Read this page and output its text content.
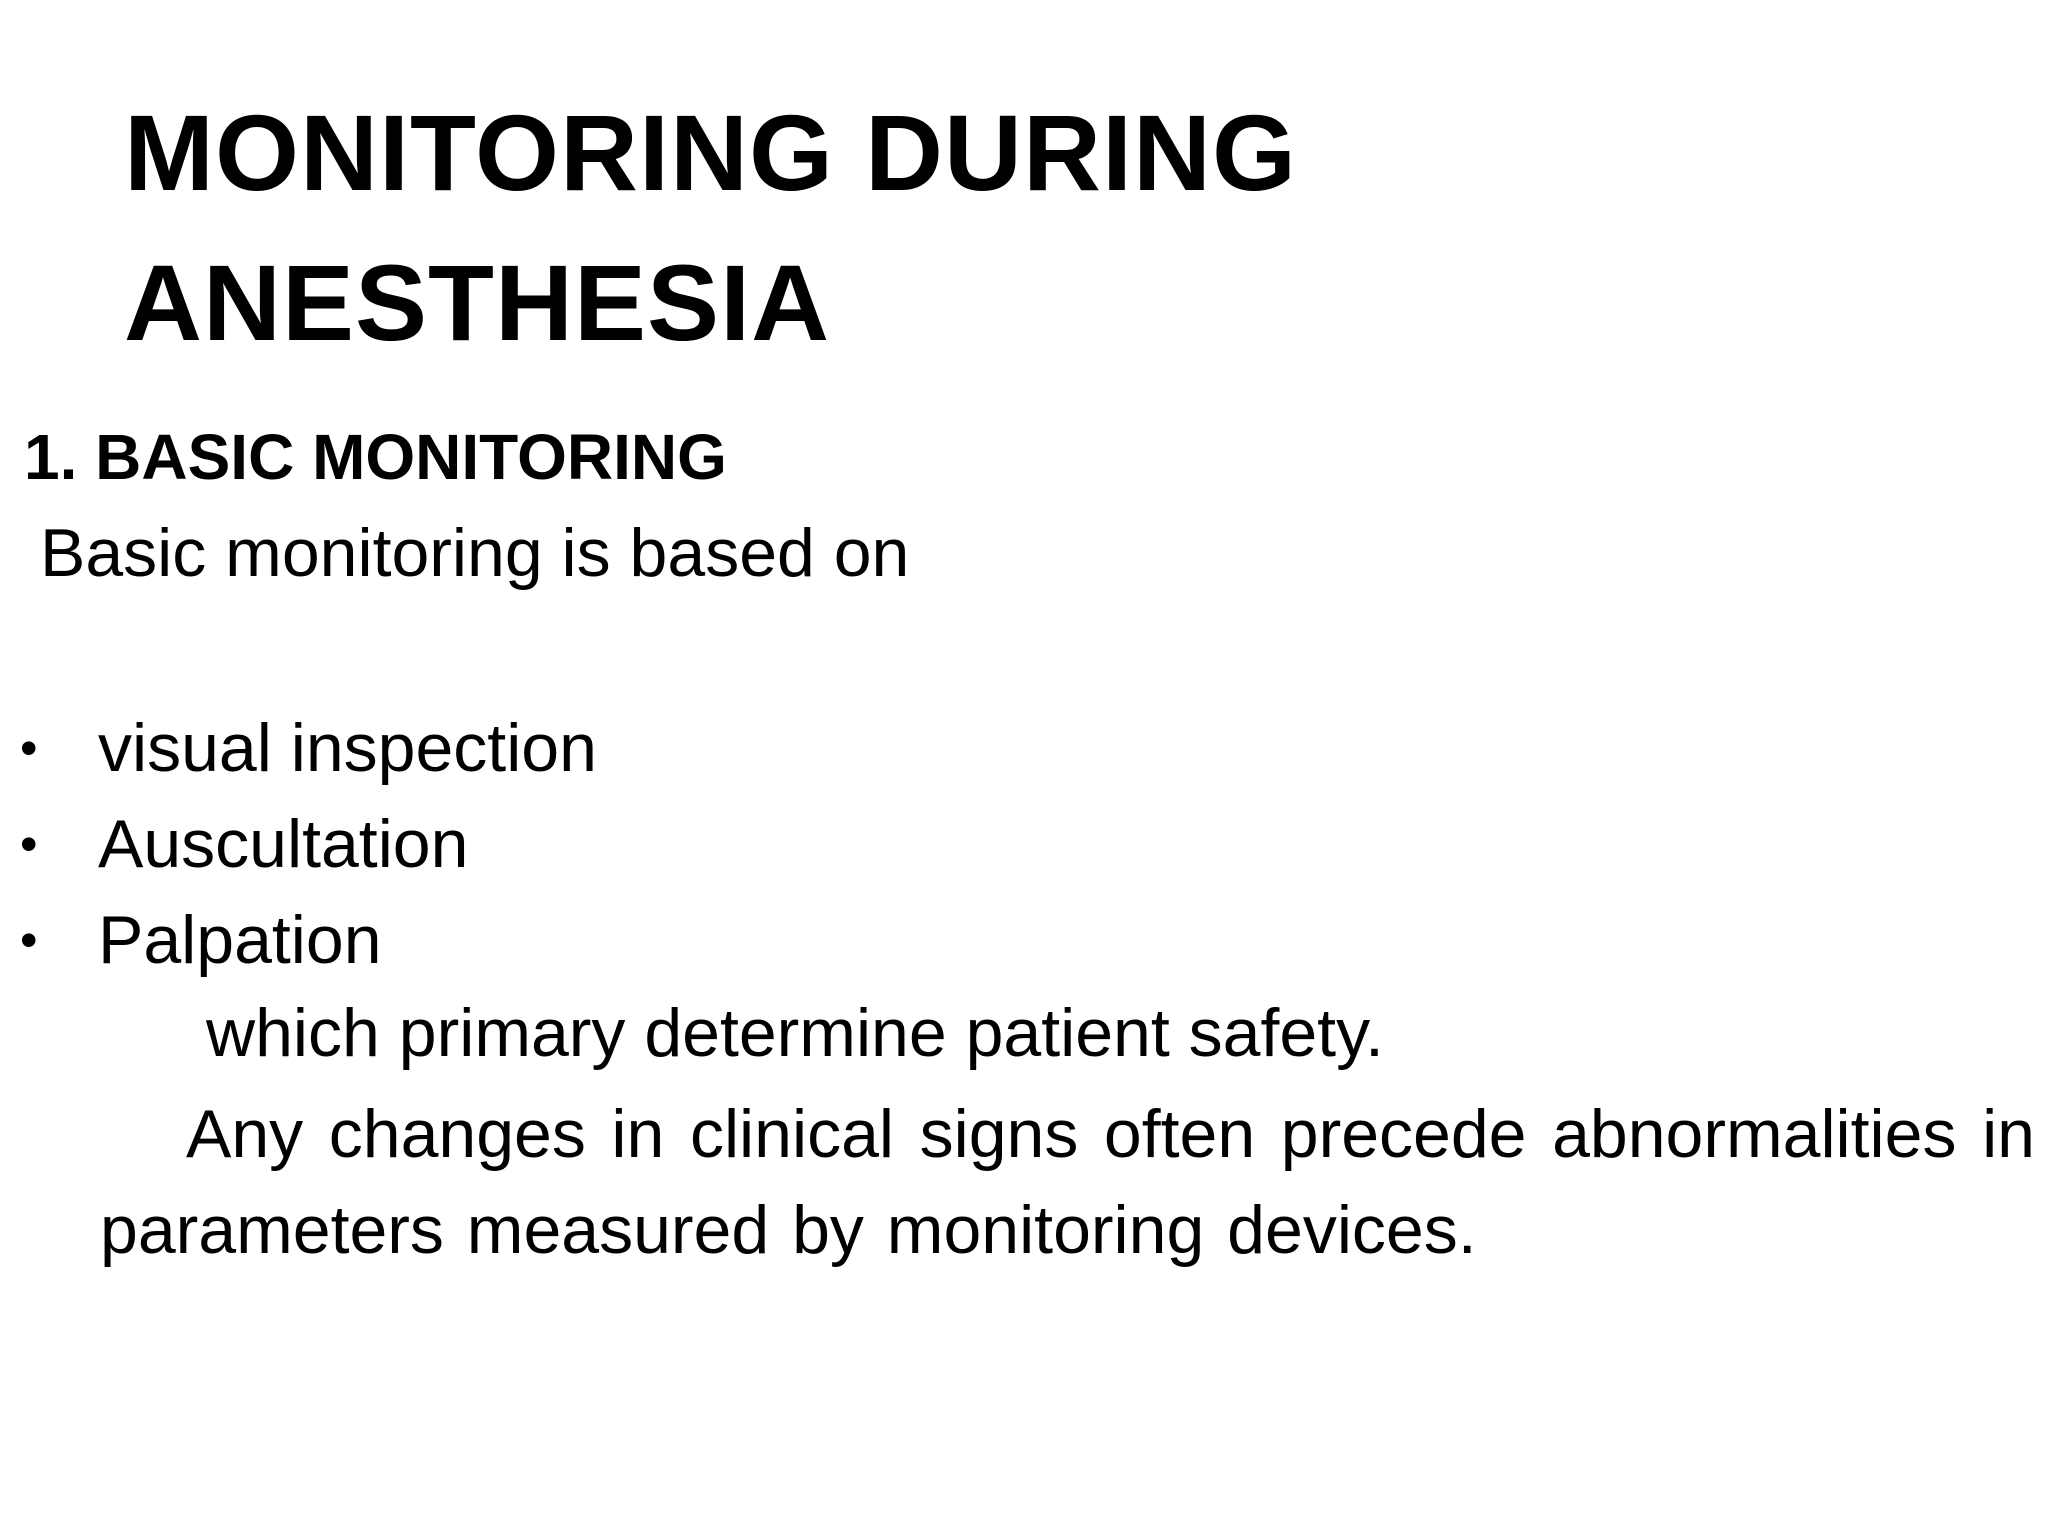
MONITORING DURING
ANESTHESIA
1. BASIC MONITORING
Basic monitoring is based on
• visual inspection
• Auscultation
• Palpation
which primary determine patient safety.
Any changes in clinical signs often precede abnormalities in parameters measured by monitoring devices.
